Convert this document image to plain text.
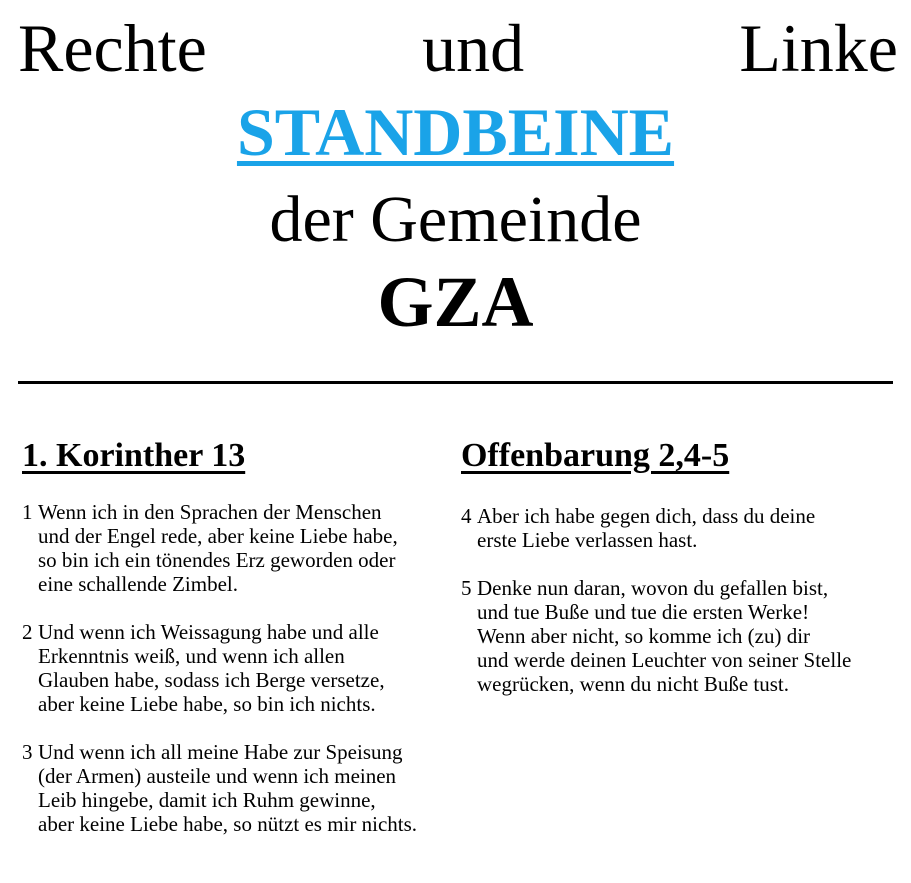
Rechte	und	Linke
STANDBEINE
der Gemeinde
GZA
1. Korinther 13	Offenbarung 2,4-5
1 Wenn ich in den Sprachen der Menschen
und der Engel rede, aber keine Liebe habe,
so bin ich ein tönendes Erz geworden oder
eine schallende Zimbel.
2 Und wenn ich Weissagung habe und alle
Erkenntnis weiß, und wenn ich allen
Glauben habe, sodass ich Berge versetze,
aber keine Liebe habe, so bin ich nichts.
3 Und wenn ich all meine Habe zur Speisung
(der Armen) austeile und wenn ich meinen
Leib hingebe, damit ich Ruhm gewinne,
aber keine Liebe habe, so nützt es mir nichts.
4 Aber ich habe gegen dich, dass du deine
erste Liebe verlassen hast.
5 Denke nun daran, wovon du gefallen bist,
und tue Buße und tue die ersten Werke!
Wenn aber nicht, so komme ich (zu) dir
und werde deinen Leuchter von seiner Stelle
wegrücken, wenn du nicht Buße tust.
